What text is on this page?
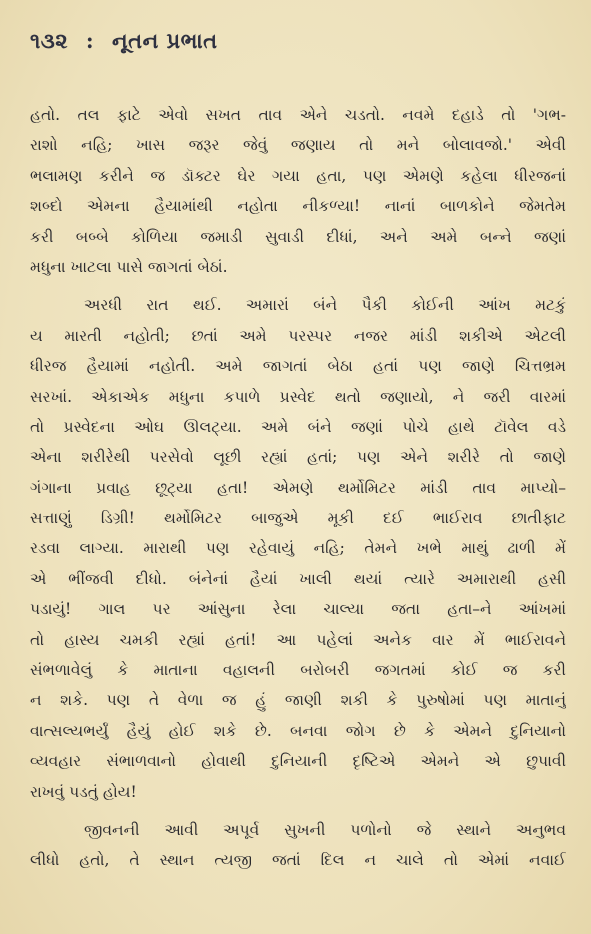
૧૩૨ : નૂતન પ્રભાત
હતો. તલ ફાટે એવો સખત તાવ એને ચડતો. નવમે દહાડે તો 'ગભ-
રાશો નહિ; ખાસ જરૂર જેવું જણાય તો મને બોલાવજો.' એવી
ભલામણ કરીને જ ડૉક્ટર ઘેર ગયા હતા, પણ એમણે કહેલા ધીરજનાં
શબ્દો એમના હૈયામાંથી નહોતા નીકળ્યા! નાનાં બાળકોને જેમતેમ
કરી બબ્બે કોળિયા જમાડી સુવાડી દીધાં, અને અમે બન્ને જણાં
મધુના ખાટલા પાસે જાગતાં બેઠાં.
અરધી રાત થઈ. અમારાં બંને પૈકી કોઈની આંખ મટકું
ય મારતી નહોતી; છતાં અમે પરસ્પર નજર માંડી શકીએ એટલી
ધીરજ હૈયામાં નહોતી. અમે જાગતાં બેઠા હતાં પણ જાણે ચિત્તભ્રમ
સરખાં. એકાએક મધુના કપાળે પ્રસ્વેદ થતો જણાયો, ને જરી વારમાં
તો પ્રસ્વેદના ઓઘ ઊલટ્યા. અમે બંને જણાં પોચે હાથે ટૉવેલ વડે
એના શરીરેથી પરસેવો લૂછી રહ્યાં હતાં; પણ એને શરીરે તો જાણે
ગંગાના પ્રવાહ છૂટ્યા હતા! એમણે થર્મોમિટર માંડી તાવ માપ્યો–
સત્તાણું ડિગ્રી! થર્મોમિટર બાજુએ મૂકી દઈ ભાઈરાવ છાતીફાટ
રડવા લાગ્યા. મારાથી પણ રહેવાયું નહિ; તેમને ખભે માથું ઢાળી મેં
એ ભીંજવી દીધો. બંનેનાં હૈયાં ખાલી થયાં ત્યારે અમારાથી હસી
પડાયું! ગાલ પર આંસુના રેલા ચાલ્યા જતા હતા–ને આંખમાં
તો હાસ્ય ચમકી રહ્યાં હતાં! આ પહેલાં અનેક વાર મેં ભાઈરાવને
સંભળાવેલું કે માતાના વહાલની બરોબરી જગતમાં કોઈ જ કરી
ન શકે. પણ તે વેળા જ હું જાણી શકી કે પુરુષોમાં પણ માતાનું
વાત્સલ્યભર્યું હૈયું હોઈ શકે છે. બનવા જોગ છે કે એમને દુનિયાનો
વ્યવહાર સંભાળવાનો હોવાથી દુનિયાની દૃષ્ટિએ એમને એ છુપાવી
રાખવું પડતું હોય!
જીવનની આવી અપૂર્વ સુખની પળોનો જે સ્થાને અનુભવ
લીધો હતો, તે સ્થાન ત્યજી જતાં દિલ ન ચાલે તો એમાં નવાઈ
